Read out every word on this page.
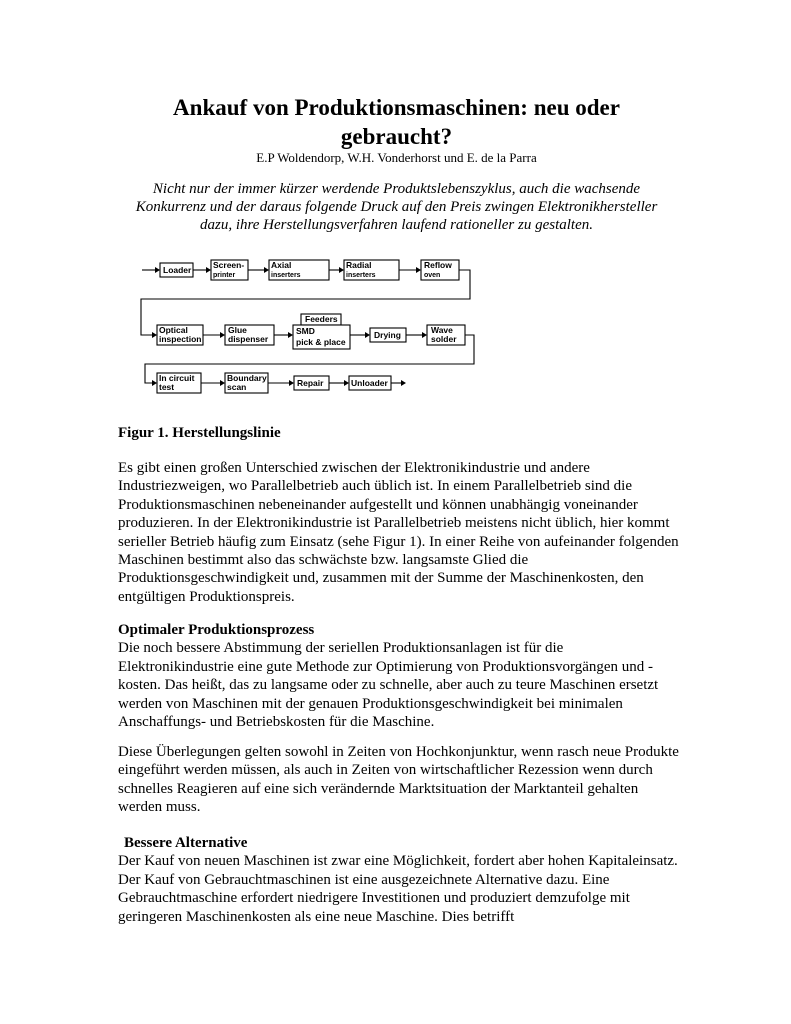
Ankauf von Produktionsmaschinen: neu oder gebraucht?
E.P Woldendorp, W.H. Vonderhorst und E. de la Parra
Nicht nur der immer kürzer werdende Produktslebenszyklus, auch die wachsende Konkurrenz und der daraus folgende Druck auf den Preis zwingen Elektronikhersteller dazu, ihre Herstellungsverfahren laufend rationeller zu gestalten.
Loader	Screen-
printer
Axial
inserters
Radial
inserters
Reflow
oven
Optical
inspection
Glue
dispenser
Feeders
SMD
pick & place
Drying	Wave
solder
In circuit
test
Boundary
scan	Repair	Unloader
Figur 1. Herstellungslinie
Es gibt einen großen Unterschied zwischen der Elektronikindustrie und andere Industriezweigen, wo Parallelbetrieb auch üblich ist. In einem Parallelbetrieb sind die Produktionsmaschinen nebeneinander aufgestellt und können unabhängig voneinander produzieren. In der Elektronikindustrie ist Parallelbetrieb meistens nicht üblich, hier kommt serieller Betrieb häufig zum Einsatz (sehe Figur 1). In einer Reihe von aufeinander folgenden Maschinen bestimmt also das schwächste bzw. langsamste Glied die Produktionsgeschwindigkeit und, zusammen mit der Summe der Maschinenkosten, den entgültigen Produktionspreis.
Optimaler Produktionsprozess
Die noch bessere Abstimmung der seriellen Produktionsanlagen ist für die Elektronikindustrie eine gute Methode zur Optimierung von Produktionsvorgängen und -kosten. Das heißt, das zu langsame oder zu schnelle, aber auch zu teure Maschinen ersetzt werden von Maschinen mit der genauen Produktionsgeschwindigkeit bei minimalen Anschaffungs- und Betriebskosten für die Maschine.
Diese Überlegungen gelten sowohl in Zeiten von Hochkonjunktur, wenn rasch neue Produkte eingeführt werden müssen, als auch in Zeiten von wirtschaftlicher Rezession wenn durch schnelles Reagieren auf eine sich verändernde Marktsituation der Marktanteil gehalten werden muss.
Bessere Alternative
Der Kauf von neuen Maschinen ist zwar eine Möglichkeit, fordert aber hohen Kapitaleinsatz. Der Kauf von Gebrauchtmaschinen ist eine ausgezeichnete Alternative dazu. Eine Gebrauchtmaschine erfordert niedrigere Investitionen und produziert demzufolge mit geringeren Maschinenkosten als eine neue Maschine. Dies betrifft
